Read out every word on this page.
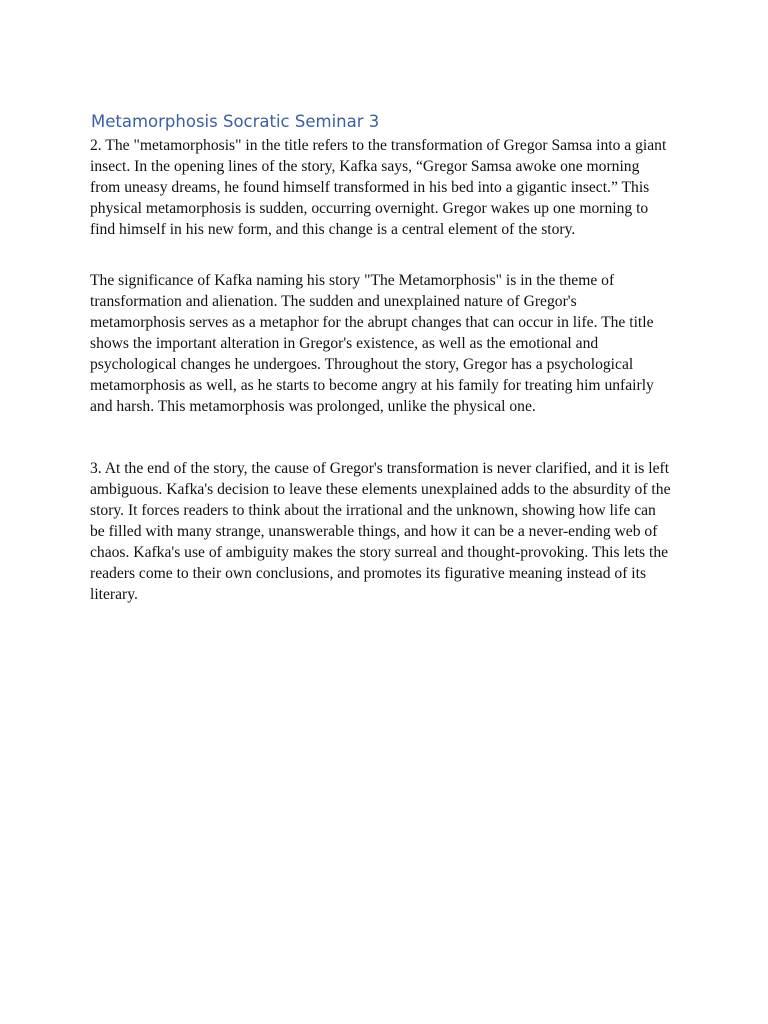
Metamorphosis Socratic Seminar 3

2. The "metamorphosis" in the title refers to the transformation of Gregor Samsa into a giant insect. In the opening lines of the story, Kafka says, “Gregor Samsa awoke one morning from uneasy dreams, he found himself transformed in his bed into a gigantic insect.” This physical metamorphosis is sudden, occurring overnight. Gregor wakes up one morning to find himself in his new form, and this change is a central element of the story.

The significance of Kafka naming his story "The Metamorphosis" is in the theme of transformation and alienation. The sudden and unexplained nature of Gregor's metamorphosis serves as a metaphor for the abrupt changes that can occur in life. The title shows the important alteration in Gregor's existence, as well as the emotional and psychological changes he undergoes. Throughout the story, Gregor has a psychological metamorphosis as well, as he starts to become angry at his family for treating him unfairly and harsh. This metamorphosis was prolonged, unlike the physical one.

3. At the end of the story, the cause of Gregor's transformation is never clarified, and it is left ambiguous. Kafka's decision to leave these elements unexplained adds to the absurdity of the story. It forces readers to think about the irrational and the unknown, showing how life can be filled with many strange, unanswerable things, and how it can be a never-ending web of chaos. Kafka's use of ambiguity makes the story surreal and thought-provoking. This lets the readers come to their own conclusions, and promotes its figurative meaning instead of its literary.
